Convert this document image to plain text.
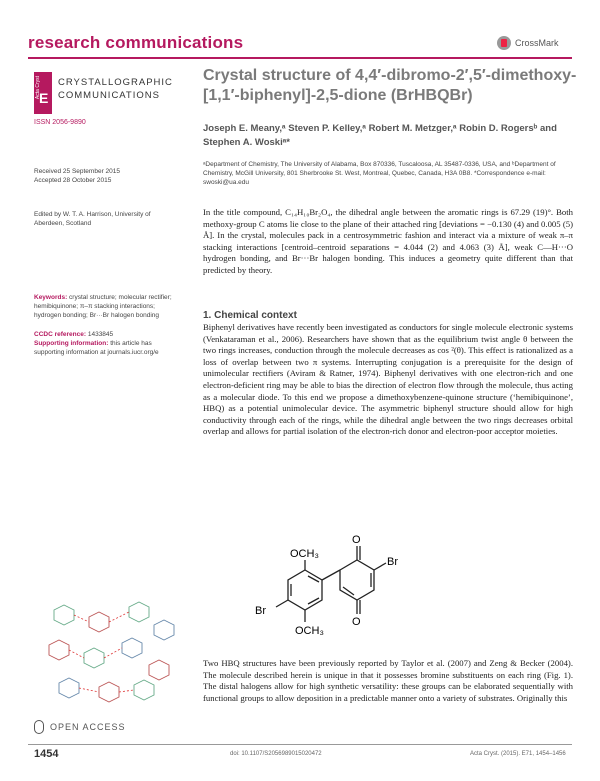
research communications	CrossMark
Acta Cryst
E
CRYSTALLOGRAPHIC
COMMUNICATIONS
ISSN 2056-9890
Crystal structure of 4,4′-dibromo-2′,5′-dimethoxy-[1,1′-biphenyl]-2,5-dione (BrHBQBr)
Joseph E. Meany,ᵃ Steven P. Kelley,ᵃ Robert M. Metzger,ᵃ Robin D. Rogersᵇ and Stephen A. Woskiᵃ*
ᵃDepartment of Chemistry, The University of Alabama, Box 870336, Tuscaloosa, AL 35487-0336, USA, and ᵇDepartment of Chemistry, McGill University, 801 Sherbrooke St. West, Montreal, Quebec, Canada, H3A 0B8. *Correspondence e-mail: swoski@ua.edu
Received 25 September 2015
Accepted 28 October 2015
Edited by W. T. A. Harrison, University of Aberdeen, Scotland
Keywords: crystal structure; molecular rectifier; hemibiquinone; π–π stacking interactions; hydrogen bonding; Br···Br halogen bonding
CCDC reference: 1433845
Supporting information: this article has supporting information at journals.iucr.org/e
In the title compound, C₁₄H₁₀Br₂O₄, the dihedral angle between the aromatic rings is 67.29 (19)°. Both methoxy-group C atoms lie close to the plane of their attached ring [deviations = −0.130 (4) and 0.005 (5) Å]. In the crystal, molecules pack in a centrosymmetric fashion and interact via a mixture of weak π–π stacking interactions [centroid–centroid separations = 4.044 (2) and 4.063 (3) Å], weak C—H···O hydrogen bonding, and Br···Br halogen bonding. This induces a geometry quite different than that predicted by theory.
1. Chemical context
Biphenyl derivatives have recently been investigated as conductors for single molecule electronic systems (Venkataraman et al., 2006). Researchers have shown that as the equilibrium twist angle θ between the two rings increases, conduction through the molecule decreases as cos ²(θ). This effect is rationalized as a loss of overlap between two π systems. Interrupting conjugation is a prerequisite for the design of unimolecular rectifiers (Aviram & Ratner, 1974). Biphenyl derivatives with one electron-rich and one electron-deficient ring may be able to bias the direction of electron flow through the molecule, thus acting as a molecular diode. To this end we propose a dimethoxybenzene-quinone structure (‘hemibiquinone’, HBQ) as a potential unimolecular device. The asymmetric biphenyl structure should allow for high conductivity through each of the rings, while the dihedral angle between the two rings decreases orbital overlap and allows for partial isolation of the electron-rich donor and electron-poor acceptor moieties.
O
O
Br
Br
OCH₃
OCH₃
Two HBQ structures have been previously reported by Taylor et al. (2007) and Zeng & Becker (2004). The molecule described herein is unique in that it possesses bromine substituents on each ring (Fig. 1). The distal halogens allow for high synthetic versatility: these groups can be elaborated sequentially with functional groups to allow deposition in a predictable manner onto a variety of substrates. Originally this
OPEN ACCESS
1454	doi: 10.1107/S2056989015020472	Acta Cryst. (2015). E71, 1454–1456
